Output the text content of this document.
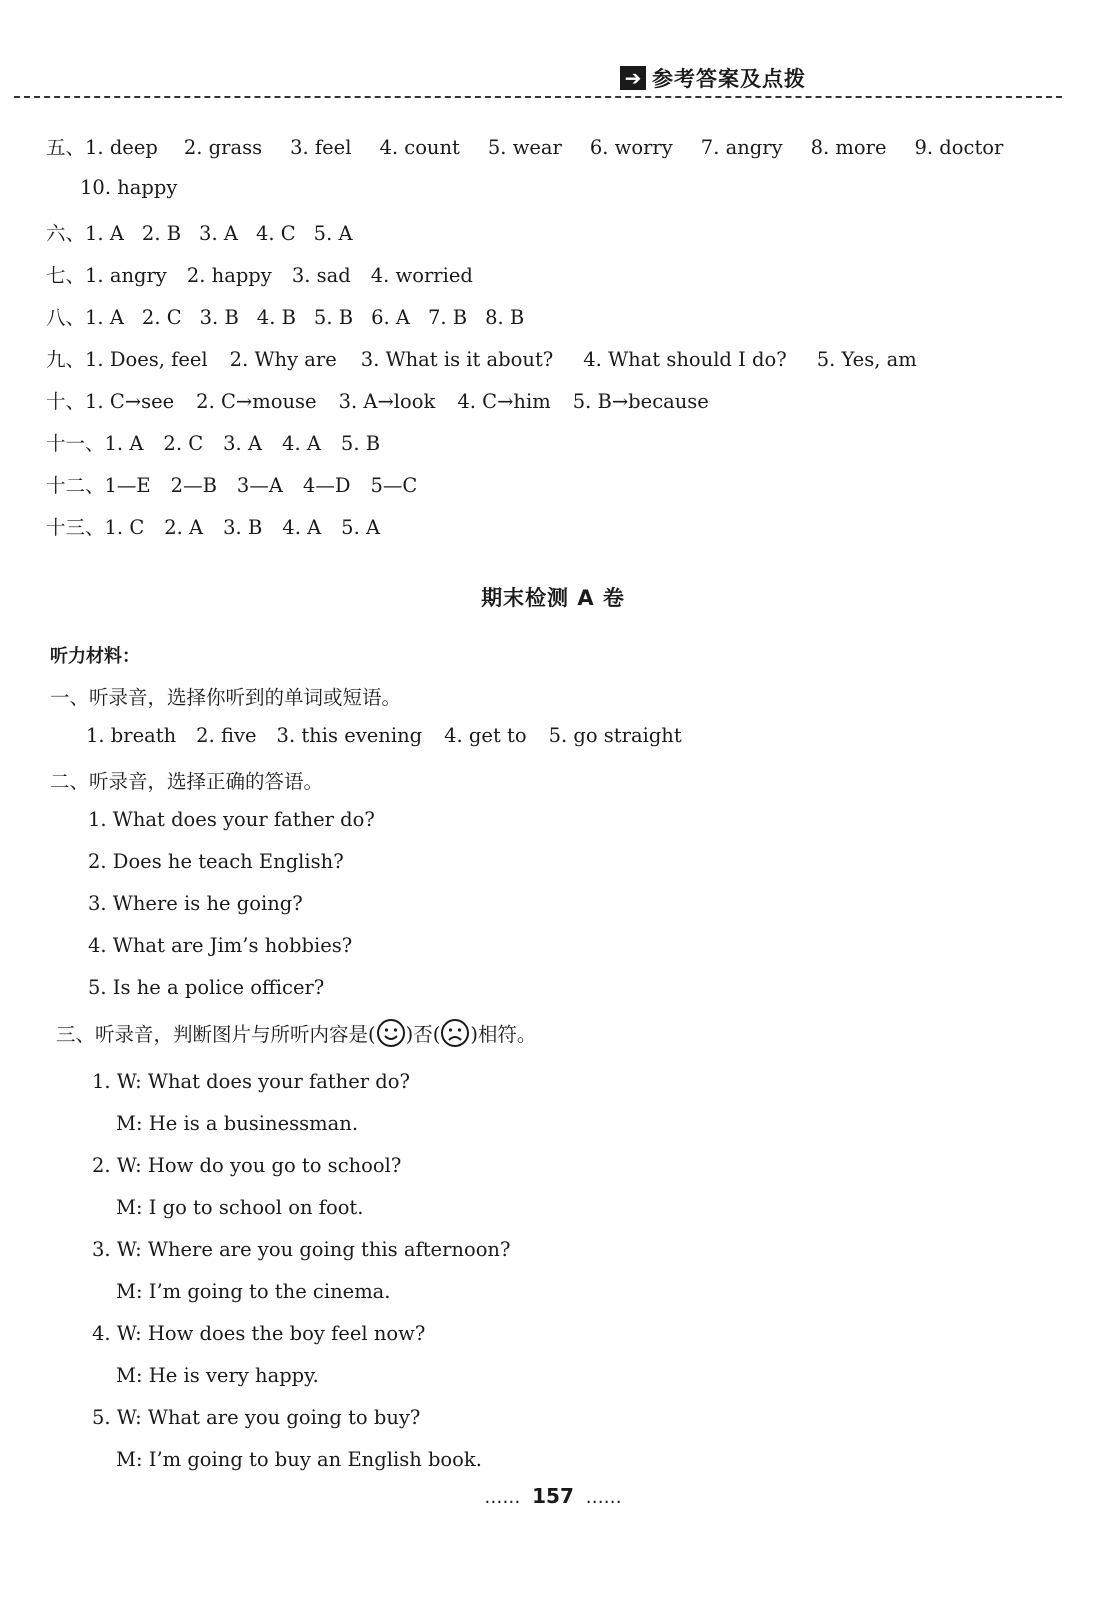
➔ 参考答案及点拨
五、 1. deep 2. grass 3. feel 4. count 5. wear 6. worry 7. angry 8. more 9. doctor
10. happy
六、 1. A 2. B 3. A 4. C 5. A
七、 1. angry 2. happy 3. sad 4. worried
八、 1. A 2. C 3. B 4. B 5. B 6. A 7. B 8. B
九、 1. Does, feel 2. Why are 3. What is it about? 4. What should I do? 5. Yes, am
十、 1. C→see 2. C→mouse 3. A→look 4. C→him 5. B→because
十一、 1. A 2. C 3. A 4. A 5. B
十二、 1—E 2—B 3—A 4—D 5—C
十三、 1. C 2. A 3. B 4. A 5. A
期末检测 A 卷
听力材料：
一、听录音，选择你听到的单词或短语。
1. breath 2. five 3. this evening 4. get to 5. go straight
二、听录音，选择正确的答语。
1. What does your father do?
2. Does he teach English?
3. Where is he going?
4. What are Jim’s hobbies?
5. Is he a police officer?
三、听录音，判断图片与所听内容是( )否( )相符。
1. W: What does your father do?
M: He is a businessman.
2. W: How do you go to school?
M: I go to school on foot.
3. W: Where are you going this afternoon?
M: I’m going to the cinema.
4. W: How does the boy feel now?
M: He is very happy.
5. W: What are you going to buy?
M: I’m going to buy an English book.
…… 157 ……
